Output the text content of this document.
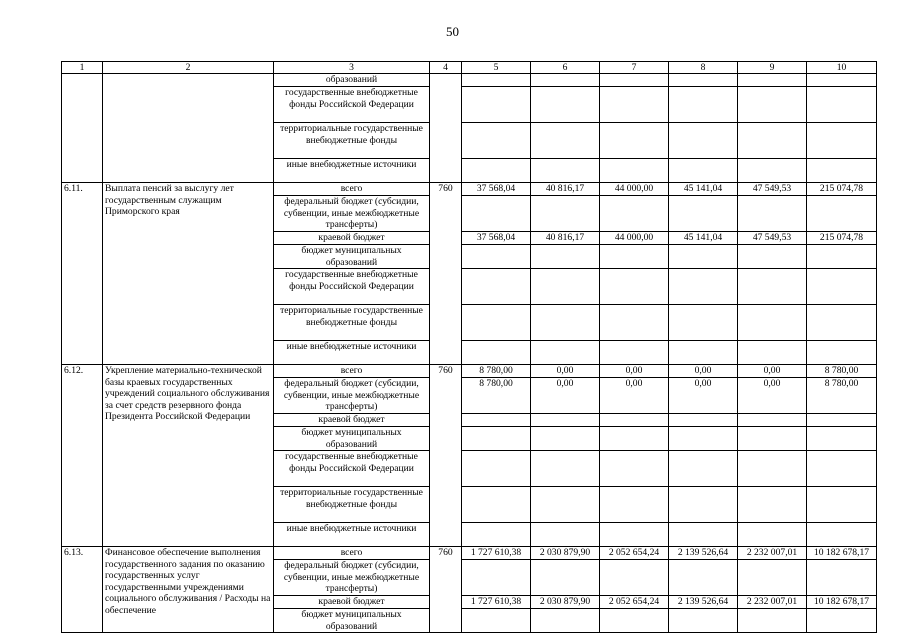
50
1	2	3	4	5	6	7	8	9	10
		образований							
		государственные внебюджетные фонды Российской Федерации							
		территориальные государственные внебюджетные фонды							
		иные внебюджетные источники							
6.11.	Выплата пенсий за выслугу лет государственным служащим Приморского края	всего	760	37 568,04	40 816,17	44 000,00	45 141,04	47 549,53	215 074,78
		федеральный бюджет (субсидии, субвенции, иные межбюджетные трансферты)							
		краевой бюджет		37 568,04	40 816,17	44 000,00	45 141,04	47 549,53	215 074,78
		бюджет муниципальных образований							
		государственные внебюджетные фонды Российской Федерации							
		территориальные государственные внебюджетные фонды							
		иные внебюджетные источники							
6.12.	Укрепление материально-технической базы краевых государственных учреждений социального обслуживания за счет средств резервного фонда Президента Российской Федерации	всего	760	8 780,00	0,00	0,00	0,00	0,00	8 780,00
		федеральный бюджет (субсидии, субвенции, иные межбюджетные трансферты)		8 780,00	0,00	0,00	0,00	0,00	8 780,00
		краевой бюджет							
		бюджет муниципальных образований							
		государственные внебюджетные фонды Российской Федерации							
		территориальные государственные внебюджетные фонды							
		иные внебюджетные источники							
6.13.	Финансовое обеспечение выполнения государственного задания по оказанию государственных услуг государственными учреждениями социального обслуживания / Расходы на обеспечение	всего	760	1 727 610,38	2 030 879,90	2 052 654,24	2 139 526,64	2 232 007,01	10 182 678,17
		федеральный бюджет (субсидии, субвенции, иные межбюджетные трансферты)							
		краевой бюджет		1 727 610,38	2 030 879,90	2 052 654,24	2 139 526,64	2 232 007,01	10 182 678,17
		бюджет муниципальных образований							
